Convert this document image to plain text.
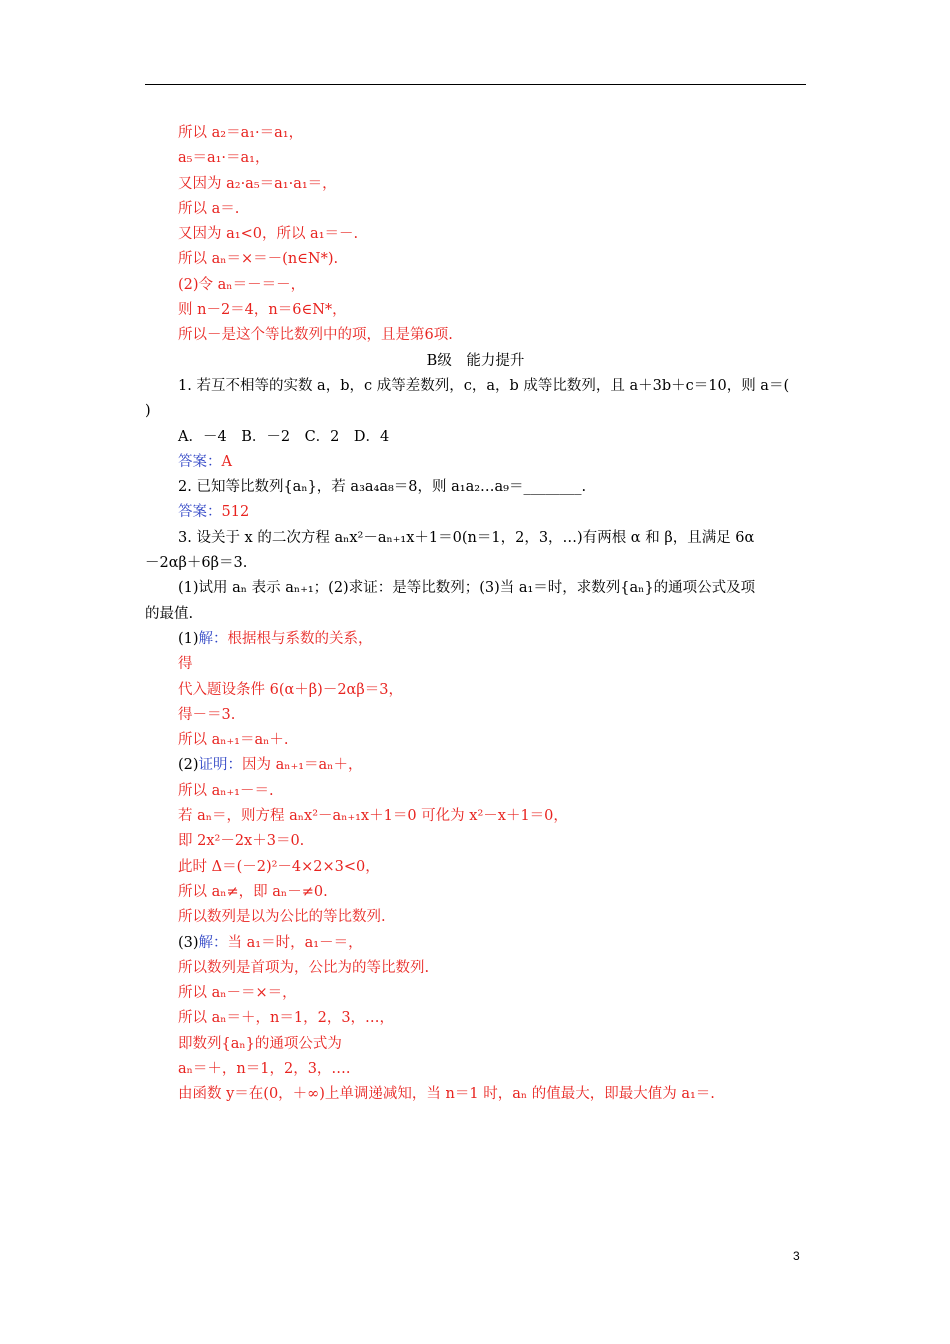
所以 a₂＝a₁·＝a₁，
a₅＝a₁·＝a₁，
又因为 a₂·a₅＝a₁·a₁＝，
所以 a＝.
又因为 a₁<0，所以 a₁＝－.
所以 aₙ＝×＝－(n∈N*).
(2)令 aₙ＝－＝－，
则 n－2＝4，n＝6∈N*，
所以－是这个等比数列中的项，且是第6项.
B级　能力提升
1. 若互不相等的实数 a，b，c 成等差数列，c，a，b 成等比数列，且 a＋3b＋c＝10，则 a＝(
)
A．－4　B．－2　C．2　D．4
答案：A
2. 已知等比数列{aₙ}，若 a₃a₄a₈＝8，则 a₁a₂…a₉＝________.
答案：512
3. 设关于 x 的二次方程 aₙx²－aₙ₊₁x＋1＝0(n＝1，2，3，…)有两根 α 和 β，且满足 6α
－2αβ＋6β＝3.
(1)试用 aₙ 表示 aₙ₊₁；(2)求证：是等比数列；(3)当 a₁＝时，求数列{aₙ}的通项公式及项
的最值.
(1)解：根据根与系数的关系，
得
代入题设条件 6(α＋β)－2αβ＝3，
得－＝3.
所以 aₙ₊₁＝aₙ＋.
(2)证明：因为 aₙ₊₁＝aₙ＋，
所以 aₙ₊₁－＝.
若 aₙ＝，则方程 aₙx²－aₙ₊₁x＋1＝0 可化为 x²－x＋1＝0，
即 2x²－2x＋3＝0.
此时 Δ＝(－2)²－4×2×3<0，
所以 aₙ≠，即 aₙ－≠0.
所以数列是以为公比的等比数列.
(3)解：当 a₁＝时，a₁－＝，
所以数列是首项为，公比为的等比数列.
所以 aₙ－＝×＝，
所以 aₙ＝＋，n＝1，2，3，…，
即数列{aₙ}的通项公式为
aₙ＝＋，n＝1，2，3，….
由函数 y＝在(0，＋∞)上单调递减知，当 n＝1 时，aₙ 的值最大，即最大值为 a₁＝.
3
